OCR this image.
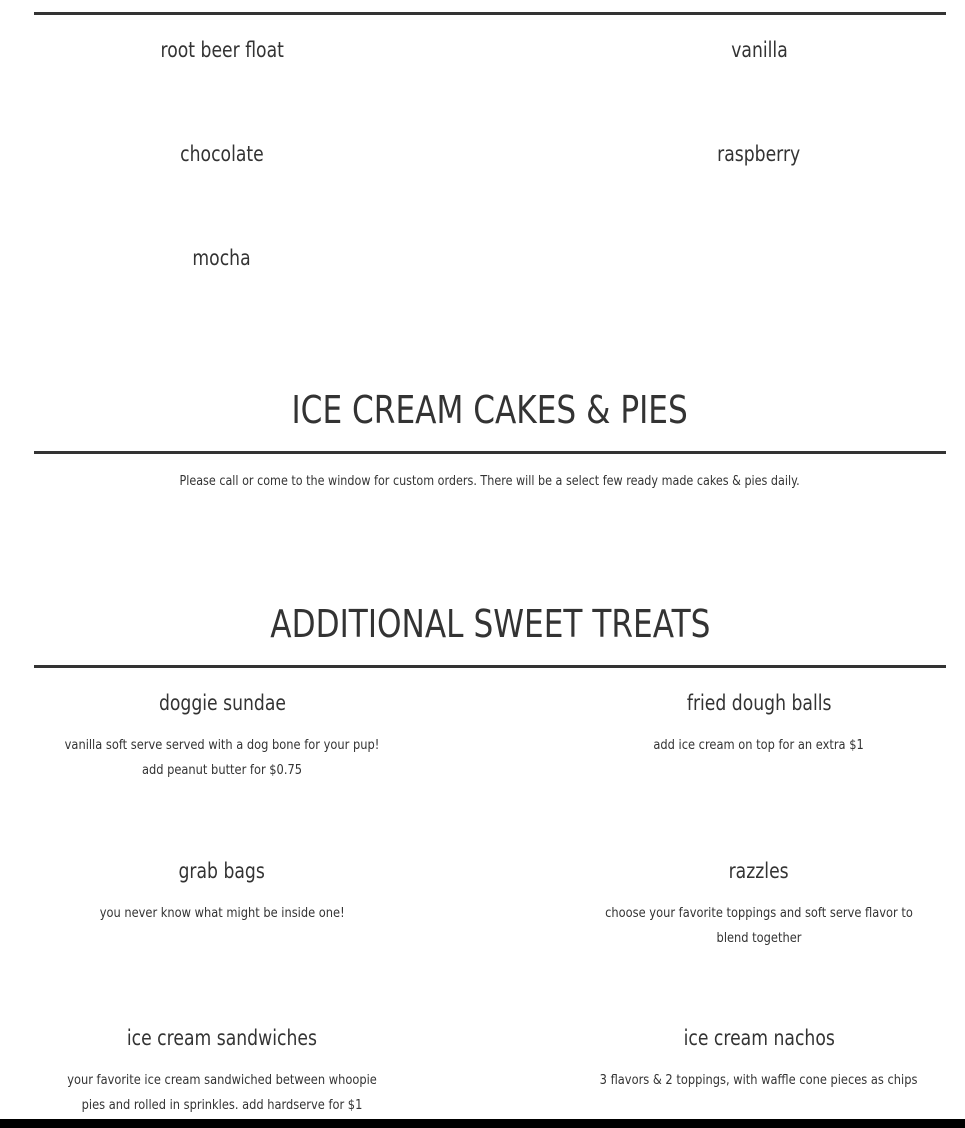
root beer float	vanilla
chocolate	raspberry
mocha
ICE CREAM CAKES & PIES
Please call or come to the window for custom orders. There will be a select few ready made cakes & pies daily.
ADDITIONAL SWEET TREATS
doggie sundae
vanilla soft serve served with a dog bone for your pup! add peanut butter for $0.75
fried dough balls
add ice cream on top for an extra $1
grab bags
you never know what might be inside one!
razzles
choose your favorite toppings and soft serve flavor to blend together
ice cream sandwiches
your favorite ice cream sandwiched between whoopie pies and rolled in sprinkles. add hardserve for $1
ice cream nachos
3 flavors & 2 toppings, with waffle cone pieces as chips
